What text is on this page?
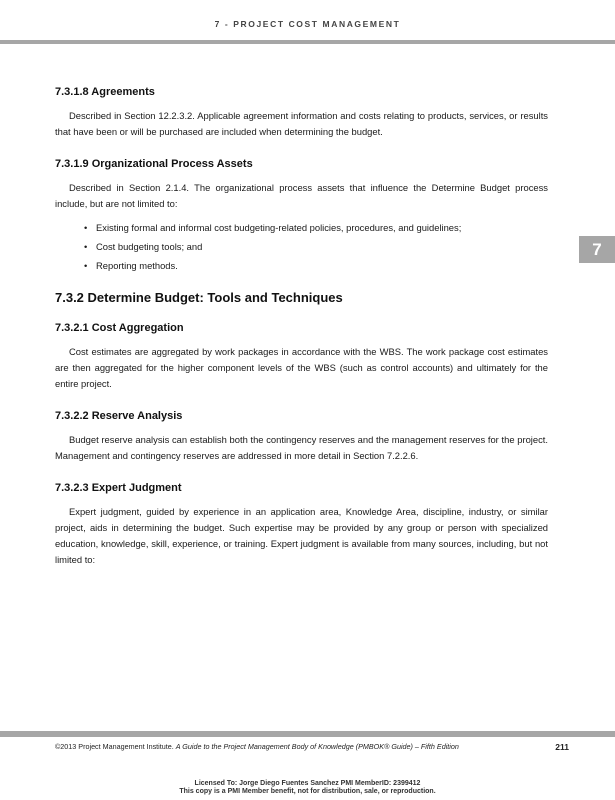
7 - PROJECT COST MANAGEMENT
7
7.3.1.8 Agreements

Described in Section 12.2.3.2. Applicable agreement information and costs relating to products, services, or results that have been or will be purchased are included when determining the budget.

7.3.1.9 Organizational Process Assets

Described in Section 2.1.4. The organizational process assets that influence the Determine Budget process include, but are not limited to:

• Existing formal and informal cost budgeting-related policies, procedures, and guidelines;
• Cost budgeting tools; and
• Reporting methods.
7.3.2 Determine Budget: Tools and Techniques
7.3.2.1 Cost Aggregation

Cost estimates are aggregated by work packages in accordance with the WBS. The work package cost estimates are then aggregated for the higher component levels of the WBS (such as control accounts) and ultimately for the entire project.

7.3.2.2 Reserve Analysis

Budget reserve analysis can establish both the contingency reserves and the management reserves for the project. Management and contingency reserves are addressed in more detail in Section 7.2.2.6.

7.3.2.3 Expert Judgment

Expert judgment, guided by experience in an application area, Knowledge Area, discipline, industry, or similar project, aids in determining the budget. Such expertise may be provided by any group or person with specialized education, knowledge, skill, experience, or training. Expert judgment is available from many sources, including, but not limited to:

©2013 Project Management Institute. A Guide to the Project Management Body of Knowledge (PMBOK® Guide) – Fifth Edition	211
Licensed To: Jorge Diego Fuentes Sanchez PMI MemberID: 2399412
This copy is a PMI Member benefit, not for distribution, sale, or reproduction.
